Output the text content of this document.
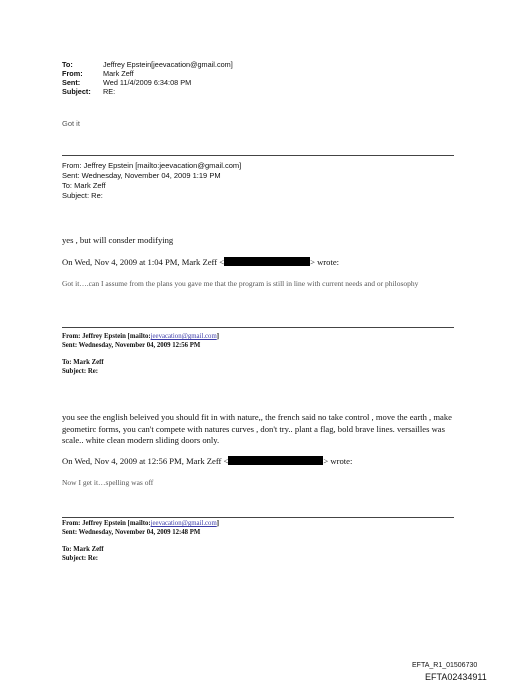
To:	Jeffrey Epstein[jeevacation@gmail.com]
From:	Mark Zeff
Sent:	Wed 11/4/2009 6:34:08 PM
Subject: RE:
Got it
From: Jeffrey Epstein [mailto:jeevacation@gmail.com]
Sent: Wednesday, November 04, 2009 1:19 PM
To: Mark Zeff
Subject: Re:
yes , but will consder modifying
On Wed, Nov 4, 2009 at 1:04 PM, Mark Zeff <	> wrote:
Got it….can I assume from the plans you gave me that the program is still in line with current needs and or philosophy
From: Jeffrey Epstein [mailto:jeevacation@gmail.com]
Sent: Wednesday, November 04, 2009 12:56 PM
To: Mark Zeff
Subject: Re:
you see the english beleived you should fit in with nature,, the french said no take control , move the earth , make geometirc forms, you can't compete with natures curves , don't try.. plant a flag, bold brave lines. versailles was scale.. white clean modern sliding doors only.
On Wed, Nov 4, 2009 at 12:56 PM, Mark Zeff <	> wrote:
Now I get it…spelling was off
From: Jeffrey Epstein [mailto:jeevacation@gmail.com]
Sent: Wednesday, November 04, 2009 12:48 PM
To: Mark Zeff
Subject: Re:
EFTA_R1_01506730
EFTA02434911
